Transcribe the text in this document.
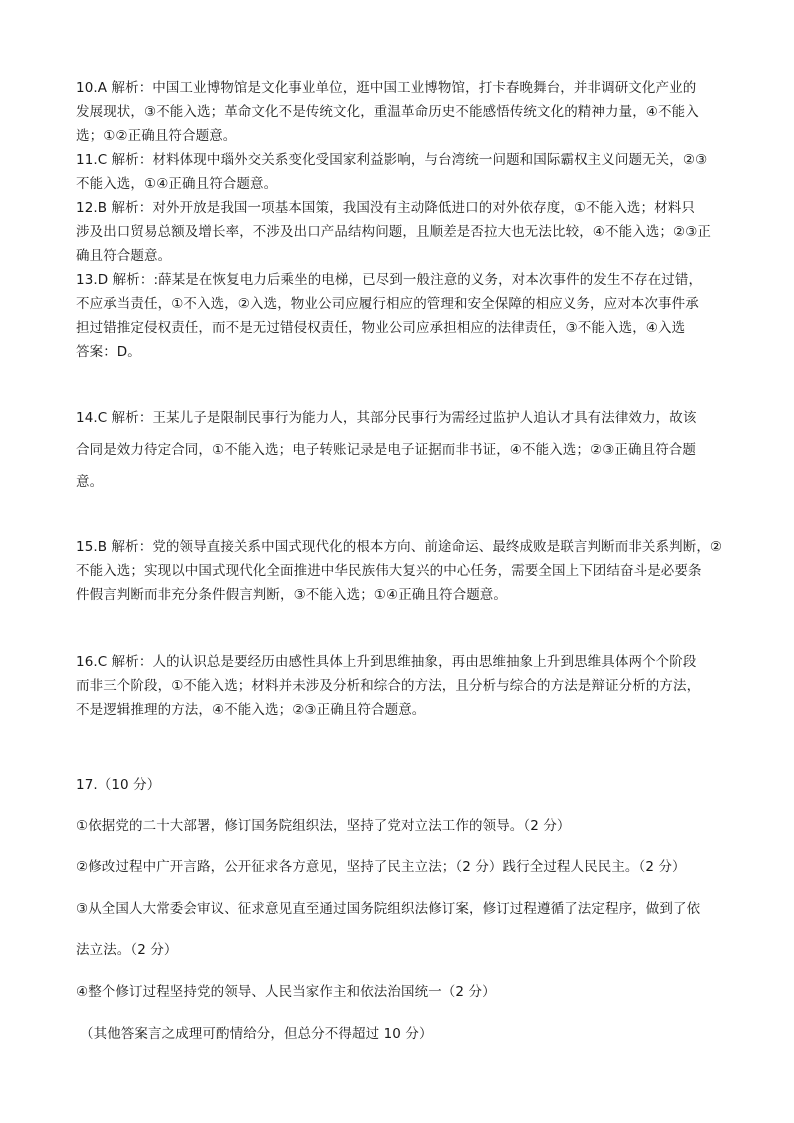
10.A 解析：中国工业博物馆是文化事业单位，逛中国工业博物馆，打卡春晚舞台，并非调研文化产业的
发展现状，③不能入选；革命文化不是传统文化，重温革命历史不能感悟传统文化的精神力量，④不能入
选；①②正确且符合题意。
11.C 解析：材料体现中瑙外交关系变化受国家利益影响，与台湾统一问题和国际霸权主义问题无关，②③
不能入选，①④正确且符合题意。
12.B 解析：对外开放是我国一项基本国策，我国没有主动降低进口的对外依存度，①不能入选；材料只
涉及出口贸易总额及增长率，不涉及出口产品结构问题，且顺差是否拉大也无法比较，④不能入选；②③正
确且符合题意。
13.D 解析：:薛某是在恢复电力后乘坐的电梯，已尽到一般注意的义务，对本次事件的发生不存在过错，
不应承当责任，①不入选，②入选，物业公司应履行相应的管理和安全保障的相应义务，应对本次事件承
担过错推定侵权责任，而不是无过错侵权责任，物业公司应承担相应的法律责任，③不能入选，④入选
答案：D。
14.C 解析：王某儿子是限制民事行为能力人，其部分民事行为需经过监护人追认才具有法律效力，故该
合同是效力待定合同，①不能入选；电子转账记录是电子证据而非书证，④不能入选；②③正确且符合题
意。
15.B 解析：党的领导直接关系中国式现代化的根本方向、前途命运、最终成败是联言判断而非关系判断，②
不能入选；实现以中国式现代化全面推进中华民族伟大复兴的中心任务，需要全国上下团结奋斗是必要条
件假言判断而非充分条件假言判断，③不能入选；①④正确且符合题意。
16.C 解析：人的认识总是要经历由感性具体上升到思维抽象，再由思维抽象上升到思维具体两个个阶段
而非三个阶段，①不能入选；材料并未涉及分析和综合的方法，且分析与综合的方法是辩证分析的方法，
不是逻辑推理的方法，④不能入选；②③正确且符合题意。
17.（10 分）
①依据党的二十大部署，修订国务院组织法，坚持了党对立法工作的领导。（2 分）
②修改过程中广开言路，公开征求各方意见，坚持了民主立法；（2 分）践行全过程人民民主。（2 分）
③从全国人大常委会审议、征求意见直至通过国务院组织法修订案，修订过程遵循了法定程序，做到了依
法立法。（2 分）
④整个修订过程坚持党的领导、人民当家作主和依法治国统一（2 分）
（其他答案言之成理可酌情给分，但总分不得超过 10 分）
